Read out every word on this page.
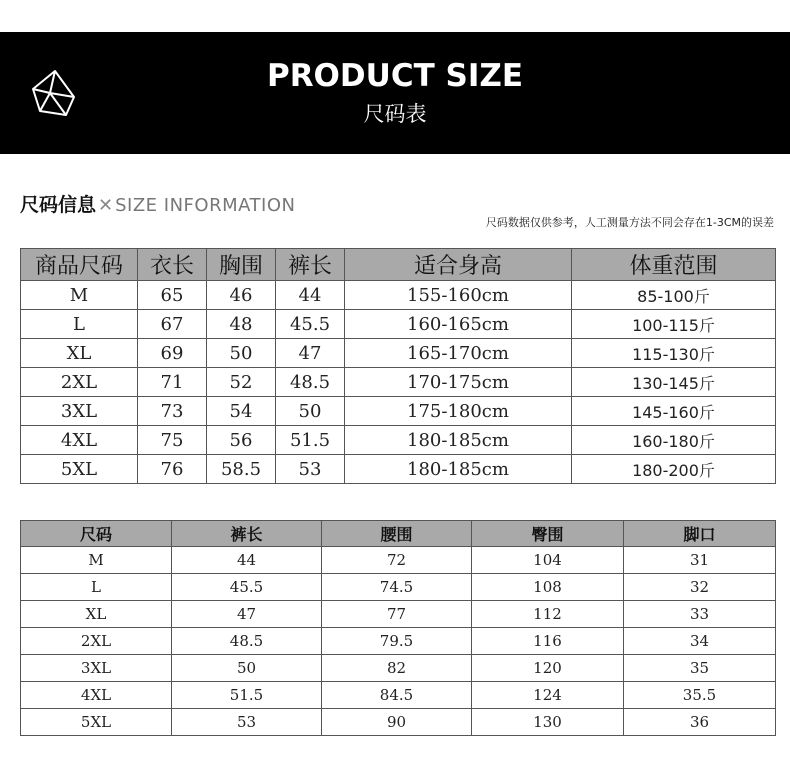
PRODUCT SIZE
尺码表
尺码信息 ✕ SIZE INFORMATION
尺码数据仅供参考，人工测量方法不同会存在1-3CM的误差
商品尺码	衣长	胸围	裤长	适合身高	体重范围
M	65	46	44	155-160cm	85-100斤
L	67	48	45.5	160-165cm	100-115斤
XL	69	50	47	165-170cm	115-130斤
2XL	71	52	48.5	170-175cm	130-145斤
3XL	73	54	50	175-180cm	145-160斤
4XL	75	56	51.5	180-185cm	160-180斤
5XL	76	58.5	53	180-185cm	180-200斤
尺码	裤长	腰围	臀围	脚口
M	44	72	104	31
L	45.5	74.5	108	32
XL	47	77	112	33
2XL	48.5	79.5	116	34
3XL	50	82	120	35
4XL	51.5	84.5	124	35.5
5XL	53	90	130	36
